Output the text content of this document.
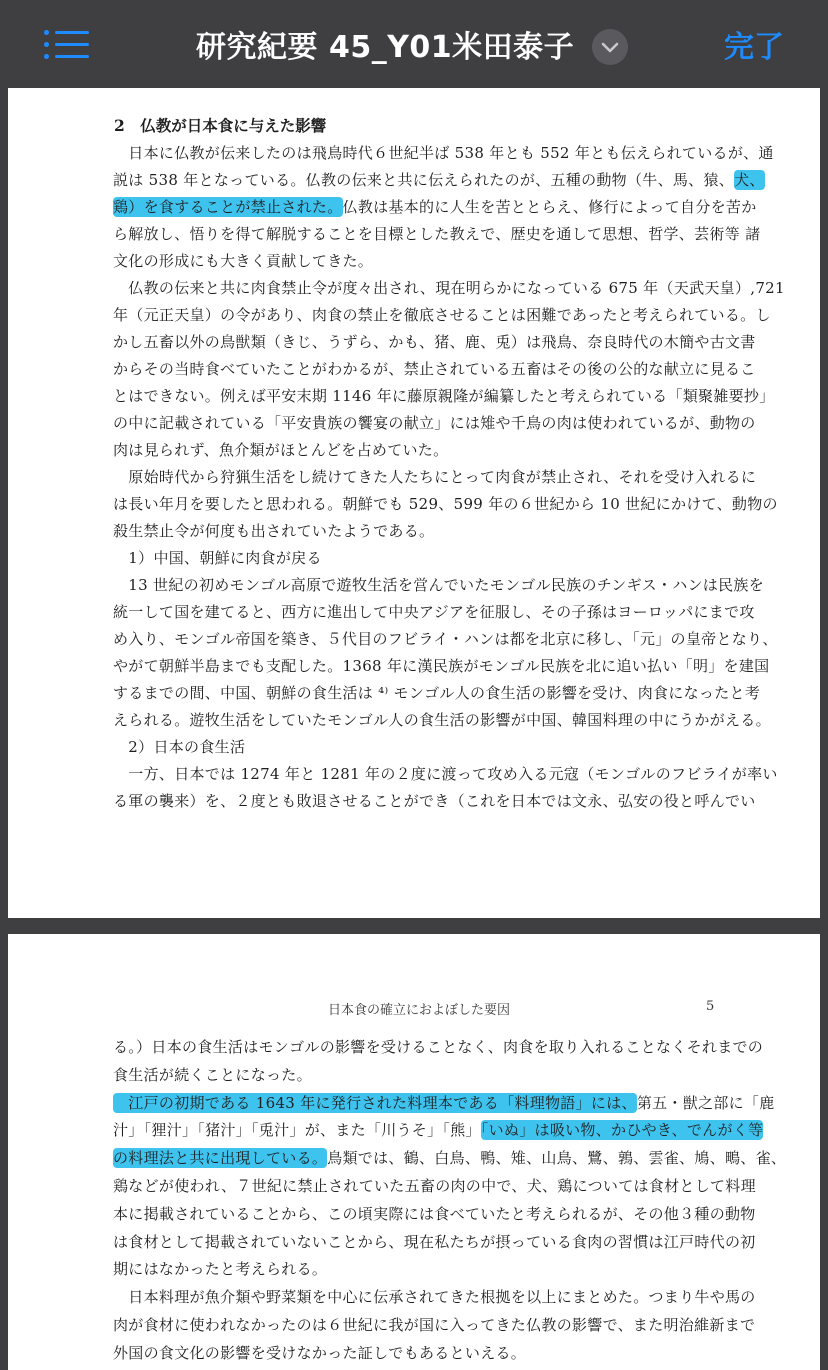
研究紀要 45_Y01米田泰子	完了
2　仏教が日本食に与えた影響
　日本に仏教が伝来したのは飛鳥時代６世紀半ば 538 年とも 552 年とも伝えられているが、通
説は 538 年となっている。仏教の伝来と共に伝えられたのが、五種の動物（牛、馬、猿、犬、
鶏）を食することが禁止された。仏教は基本的に人生を苦ととらえ、修行によって自分を苦か
ら解放し、悟りを得て解脱することを目標とした教えで、歴史を通して思想、哲学、芸術等 諸
文化の形成にも大きく貢献してきた。
　仏教の伝来と共に肉食禁止令が度々出され、現在明らかになっている 675 年（天武天皇）,721
年（元正天皇）の令があり、肉食の禁止を徹底させることは困難であったと考えられている。し
かし五畜以外の鳥獣類（きじ、うずら、かも、猪、鹿、兎）は飛鳥、奈良時代の木簡や古文書
からその当時食べていたことがわかるが、禁止されている五畜はその後の公的な献立に見るこ
とはできない。例えば平安末期 1146 年に藤原親隆が編纂したと考えられている「類聚雑要抄」
の中に記載されている「平安貴族の饗宴の献立」には雉や千鳥の肉は使われているが、動物の
肉は見られず、魚介類がほとんどを占めていた。
　原始時代から狩猟生活をし続けてきた人たちにとって肉食が禁止され、それを受け入れるに
は長い年月を要したと思われる。朝鮮でも 529、599 年の６世紀から 10 世紀にかけて、動物の
殺生禁止令が何度も出されていたようである。
　1）中国、朝鮮に肉食が戻る
　13 世紀の初めモンゴル高原で遊牧生活を営んでいたモンゴル民族のチンギス・ハンは民族を
統一して国を建てると、西方に進出して中央アジアを征服し、その子孫はヨーロッパにまで攻
め入り、モンゴル帝国を築き、５代目のフビライ・ハンは都を北京に移し、「元」の皇帝となり、
やがて朝鮮半島までも支配した。1368 年に漢民族がモンゴル民族を北に追い払い「明」を建国
するまでの間、中国、朝鮮の食生活は ⁴⁾ モンゴル人の食生活の影響を受け、肉食になったと考
えられる。遊牧生活をしていたモンゴル人の食生活の影響が中国、韓国料理の中にうかがえる。
　2）日本の食生活
　一方、日本では 1274 年と 1281 年の２度に渡って攻め入る元寇（モンゴルのフビライが率い
る軍の襲来）を、２度とも敗退させることができ（これを日本では文永、弘安の役と呼んでい
日本食の確立におよぼした要因	5
る。）日本の食生活はモンゴルの影響を受けることなく、肉食を取り入れることなくそれまでの
食生活が続くことになった。
　江戸の初期である 1643 年に発行された料理本である「料理物語」には、第五・獣之部に「鹿
汁」「狸汁」「猪汁」「兎汁」が、また「川うそ」「熊」「いぬ」は吸い物、かひやき、でんがく等
の料理法と共に出現している。鳥類では、鶴、白鳥、鴨、雉、山鳥、鷺、鶉、雲雀、鳩、鴫、雀、
鶏などが使われ、７世紀に禁止されていた五畜の肉の中で、犬、鶏については食材として料理
本に掲載されていることから、この頃実際には食べていたと考えられるが、その他３種の動物
は食材として掲載されていないことから、現在私たちが摂っている食肉の習慣は江戸時代の初
期にはなかったと考えられる。
　日本料理が魚介類や野菜類を中心に伝承されてきた根拠を以上にまとめた。つまり牛や馬の
肉が食材に使われなかったのは６世紀に我が国に入ってきた仏教の影響で、また明治維新まで
外国の食文化の影響を受けなかった証しでもあるといえる。
